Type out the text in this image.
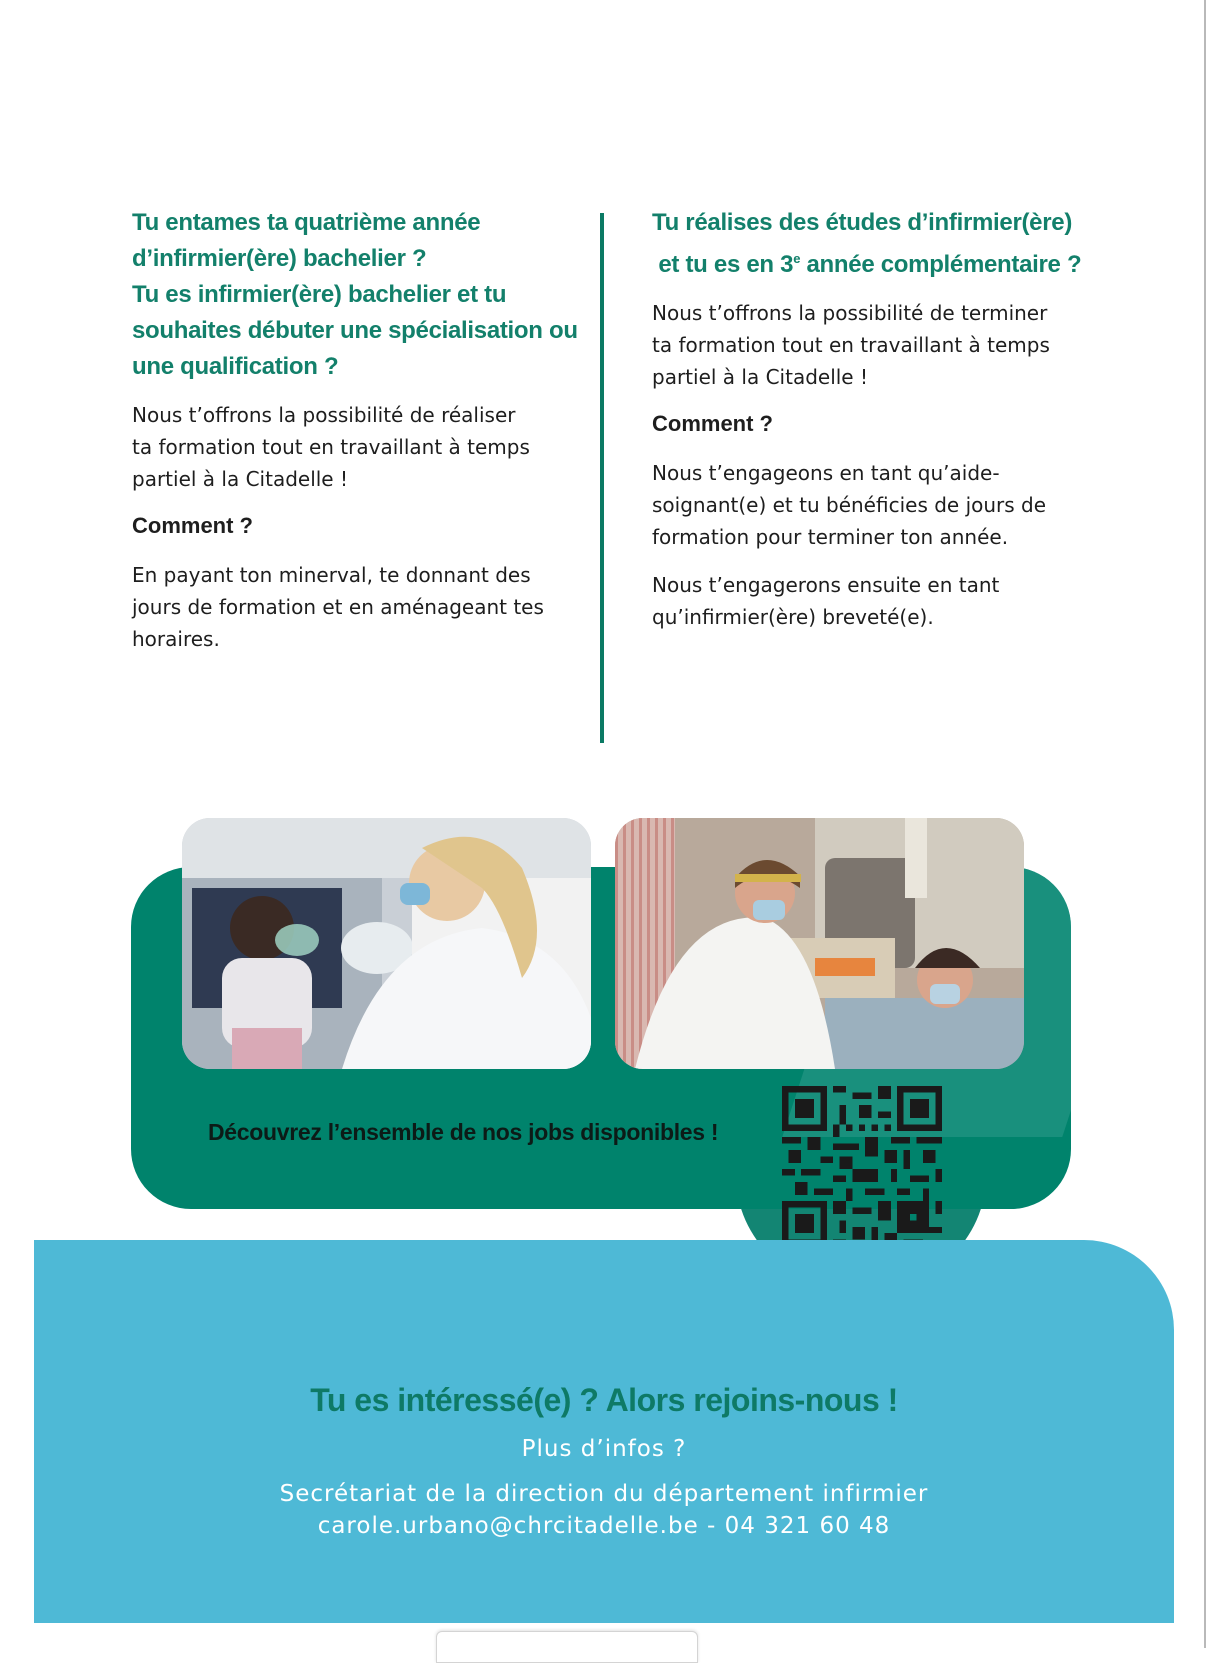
Tu entames ta quatrième année
d’infirmier(ère) bachelier ?
Tu es infirmier(ère) bachelier et tu
souhaites débuter une spécialisation ou
une qualification ?
Nous t’offrons la possibilité de réaliser
ta formation tout en travaillant à temps
partiel à la Citadelle !
Comment ?
En payant ton minerval, te donnant des
jours de formation et en aménageant tes
horaires.
Tu réalises des études d’infirmier(ère)
et tu es en 3e année complémentaire ?
Nous t’offrons la possibilité de terminer
ta formation tout en travaillant à temps
partiel à la Citadelle !
Comment ?
Nous t’engageons en tant qu’aide-
soignant(e) et tu bénéficies de jours de
formation pour terminer ton année.
Nous t’engagerons ensuite en tant
qu’infirmier(ère) breveté(e).
Découvrez l’ensemble de nos jobs disponibles !
Tu es intéressé(e) ? Alors rejoins-nous !
Plus d’infos ?
Secrétariat de la direction du département infirmier
carole.urbano@chrcitadelle.be - 04 321 60 48
